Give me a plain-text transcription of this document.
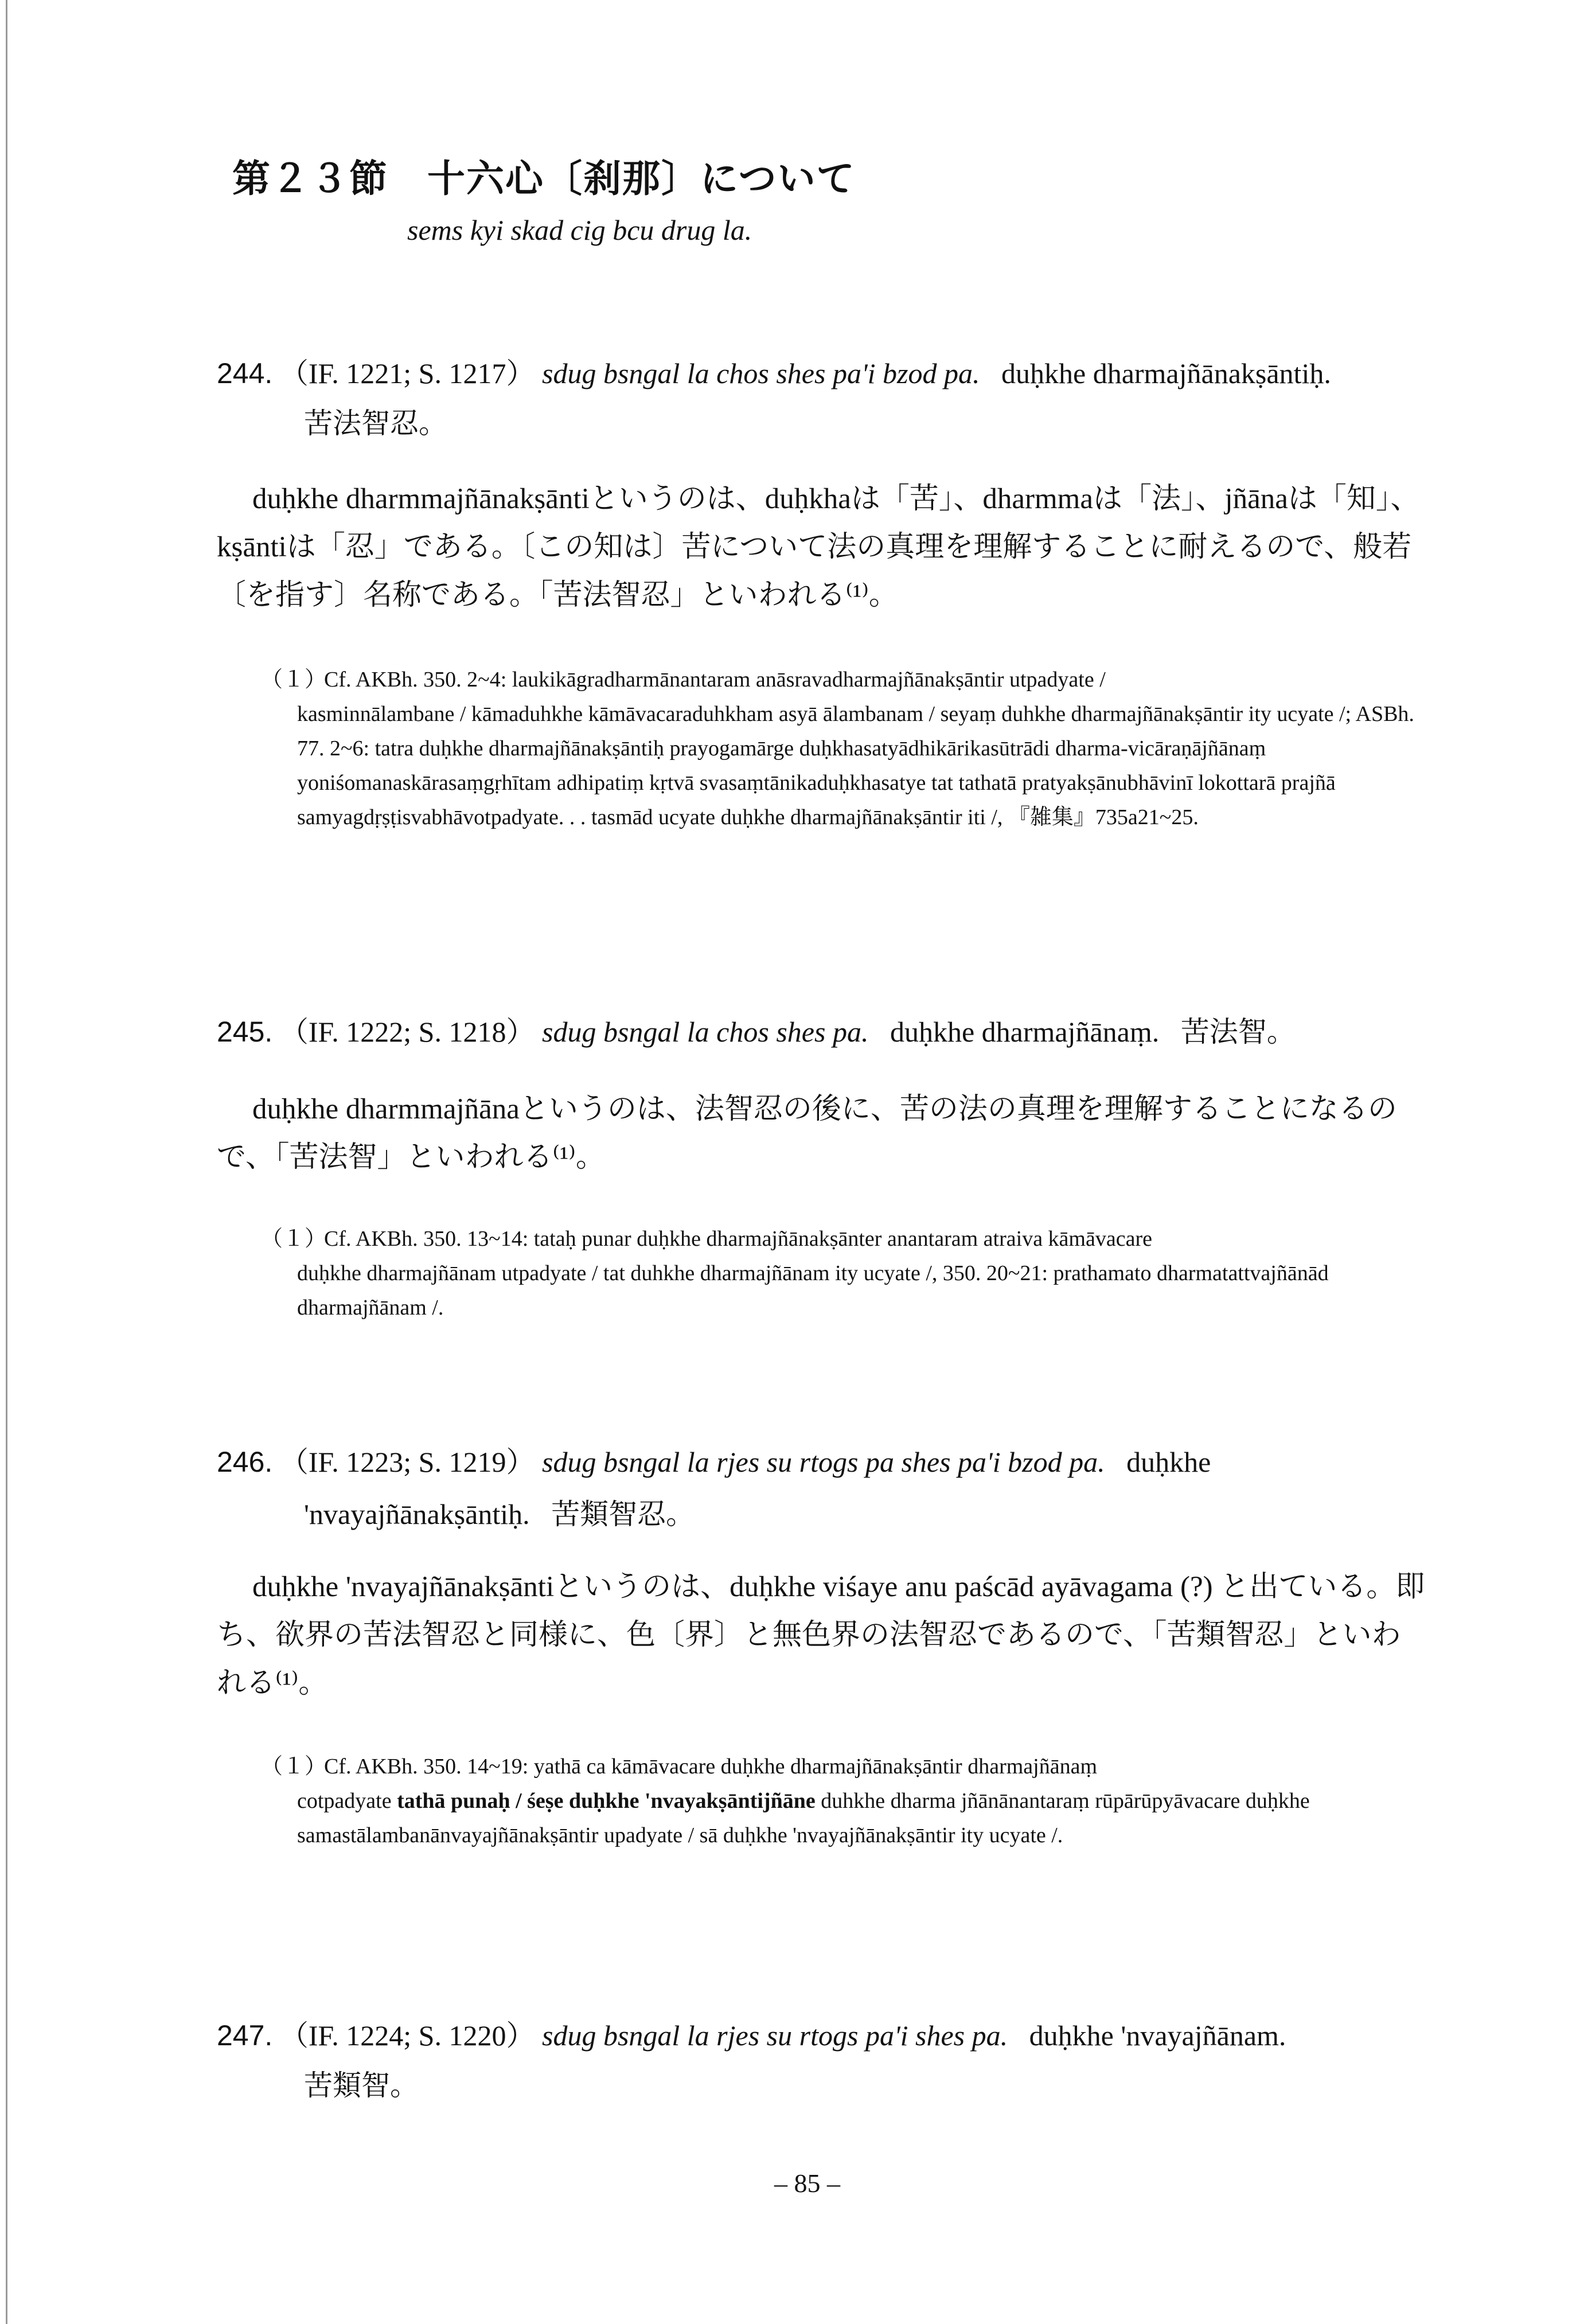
第２３節　十六心〔刹那〕について
sems kyi skad cig bcu drug la.
244. （IF. 1221; S. 1217） sdug bsngal la chos shes pa'i bzod pa. duḥkhe dharmajñānakṣāntiḥ.
苦法智忍。
duḥkhe dharmmajñānakṣāntiというのは、duḥkhaは「苦」、dharmmaは「法」、jñānaは「知」、kṣāntiは「忍」である。〔この知は〕苦について法の真理を理解することに耐えるので、般若〔を指す〕名称である。「苦法智忍」といわれる⁽¹⁾。
（１）Cf. AKBh. 350. 2~4: laukikāgradharmānantaram anāsravadharmajñānakṣāntir utpadyate /
kasminnālambane / kāmaduhkhe kāmāvacaraduhkham asyā ālambanam / seyaṃ duhkhe dharmajñānakṣāntir ity ucyate /; ASBh. 77. 2~6: tatra duḥkhe dharmajñānakṣāntiḥ prayogamārge duḥkhasatyādhikārikasūtrādi dharma-vicāraṇājñānaṃ yoniśomanaskārasaṃgṛhītam adhipatiṃ kṛtvā svasaṃtānikaduḥkhasatye tat tathatā pratyakṣānubhāvinī lokottarā prajñā samyagdṛṣṭisvabhāvotpadyate. . . tasmād ucyate duḥkhe dharmajñānakṣāntir iti /, 『雑集』735a21~25.
245. （IF. 1222; S. 1218） sdug bsngal la chos shes pa. duḥkhe dharmajñānaṃ. 苦法智。
duḥkhe dharmmajñānaというのは、法智忍の後に、苦の法の真理を理解することになるので、「苦法智」といわれる⁽¹⁾。
（１）Cf. AKBh. 350. 13~14: tataḥ punar duḥkhe dharmajñānakṣānter anantaram atraiva kāmāvacare
duḥkhe dharmajñānam utpadyate / tat duhkhe dharmajñānam ity ucyate /, 350. 20~21: prathamato dharmatattvajñānād dharmajñānam /.
246. （IF. 1223; S. 1219） sdug bsngal la rjes su rtogs pa shes pa'i bzod pa. duḥkhe
'nvayajñānakṣāntiḥ. 苦類智忍。
duḥkhe 'nvayajñānakṣāntiというのは、duḥkhe viśaye anu paścād ayāvagama (?) と出ている。即ち、欲界の苦法智忍と同様に、色〔界〕と無色界の法智忍であるので、「苦類智忍」といわれる⁽¹⁾。
（１）Cf. AKBh. 350. 14~19: yathā ca kāmāvacare duḥkhe dharmajñānakṣāntir dharmajñānaṃ
cotpadyate tathā punaḥ / śeṣe duḥkhe 'nvayakṣāntijñāne duhkhe dharma jñānānantaraṃ rūpārūpyāvacare duḥkhe samastālambanānvayajñānakṣāntir upadyate / sā duḥkhe 'nvayajñānakṣāntir ity ucyate /.
247. （IF. 1224; S. 1220） sdug bsngal la rjes su rtogs pa'i shes pa. duḥkhe 'nvayajñānam.
苦類智。
– 85 –
